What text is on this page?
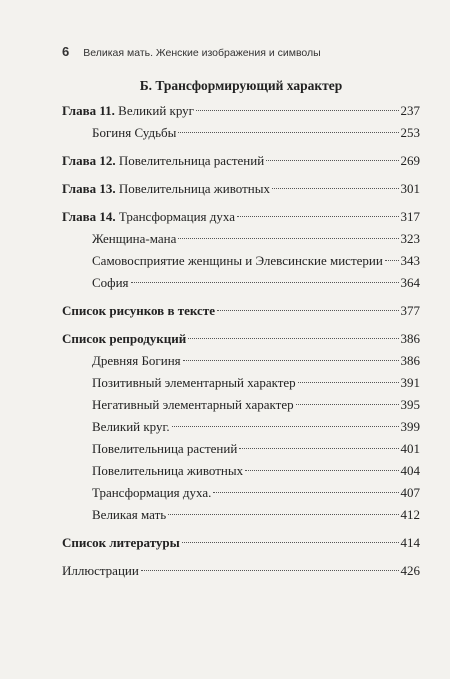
6 Великая мать. Женские изображения и символы
Б. Трансформирующий характер
Глава 11. Великий круг	237
Богиня Судьбы	253
Глава 12. Повелительница растений	269
Глава 13. Повелительница животных	301
Глава 14. Трансформация духа	317
Женщина-мана	323
Самовосприятие женщины и Элевсинские мистерии 343
София	364
Список рисунков в тексте	377
Список репродукций	386
Древняя Богиня	386
Позитивный элементарный характер	391
Негативный элементарный характер	395
Великий круг.	399
Повелительница растений	401
Повелительница животных	404
Трансформация духа.	407
Великая мать	412
Список литературы	414
Иллюстрации	426
